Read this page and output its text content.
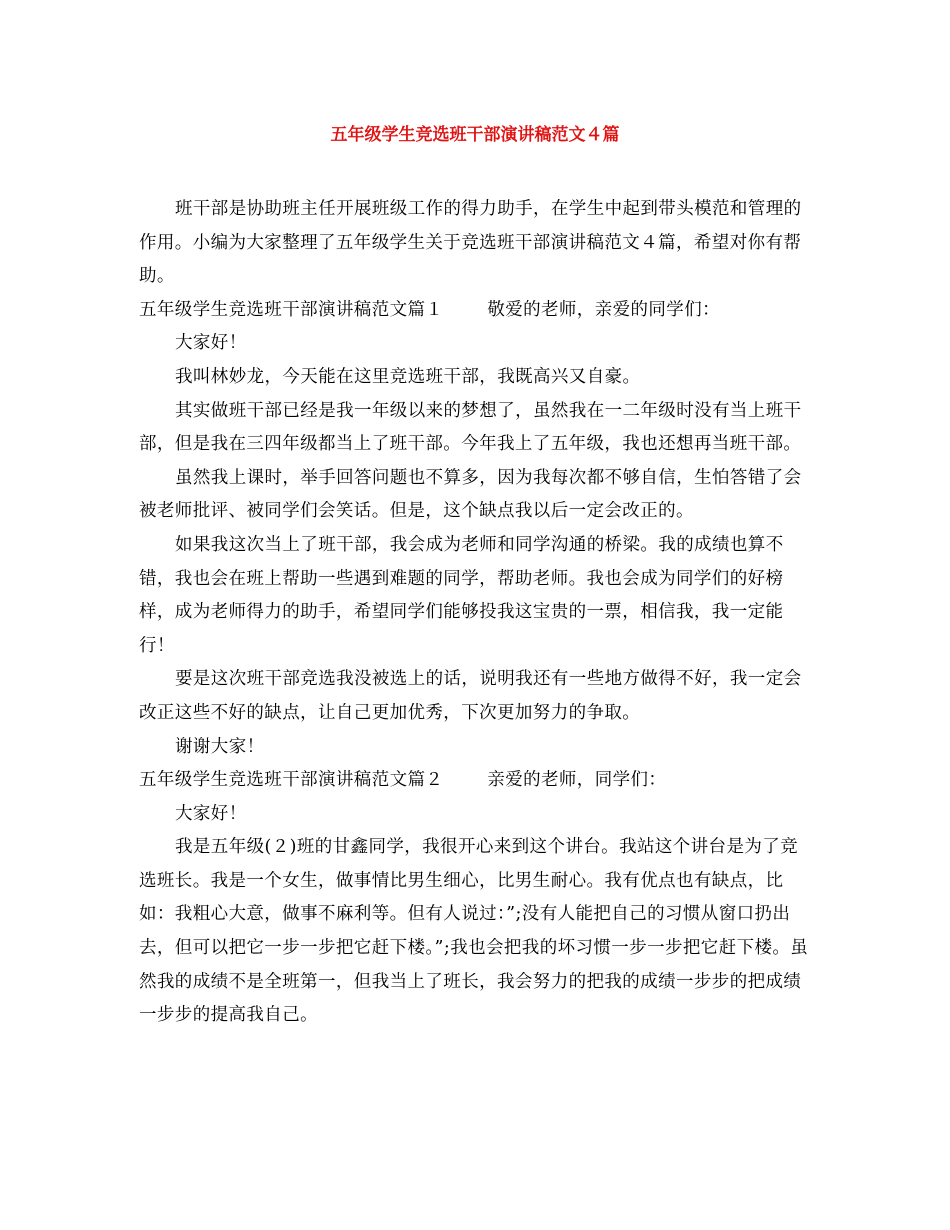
五年级学生竞选班干部演讲稿范文４篇

班干部是协助班主任开展班级工作的得力助手，在学生中起到带头模范和管理的作用。小编为大家整理了五年级学生关于竞选班干部演讲稿范文４篇，希望对你有帮助。

五年级学生竞选班干部演讲稿范文篇１	敬爱的老师，亲爱的同学们：

大家好！

我叫林妙龙，今天能在这里竞选班干部，我既高兴又自豪。

其实做班干部已经是我一年级以来的梦想了，虽然我在一二年级时没有当上班干部，但是我在三四年级都当上了班干部。今年我上了五年级，我也还想再当班干部。

虽然我上课时，举手回答问题也不算多，因为我每次都不够自信，生怕答错了会被老师批评、被同学们会笑话。但是，这个缺点我以后一定会改正的。

如果我这次当上了班干部，我会成为老师和同学沟通的桥梁。我的成绩也算不错，我也会在班上帮助一些遇到难题的同学，帮助老师。我也会成为同学们的好榜样，成为老师得力的助手，希望同学们能够投我这宝贵的一票，相信我，我一定能行！

要是这次班干部竞选我没被选上的话，说明我还有一些地方做得不好，我一定会改正这些不好的缺点，让自己更加优秀，下次更加努力的争取。

谢谢大家！

五年级学生竞选班干部演讲稿范文篇２	亲爱的老师，同学们：

大家好！

我是五年级(２)班的甘鑫同学，我很开心来到这个讲台。我站这个讲台是为了竞选班长。我是一个女生，做事情比男生细心，比男生耐心。我有优点也有缺点，比如：我粗心大意，做事不麻利等。但有人说过：”;没有人能把自己的习惯从窗口扔出去，但可以把它一步一步把它赶下楼。”;我也会把我的坏习惯一步一步把它赶下楼。虽然我的成绩不是全班第一，但我当上了班长，我会努力的把我的成绩一步步的把成绩一步步的提高我自己。
